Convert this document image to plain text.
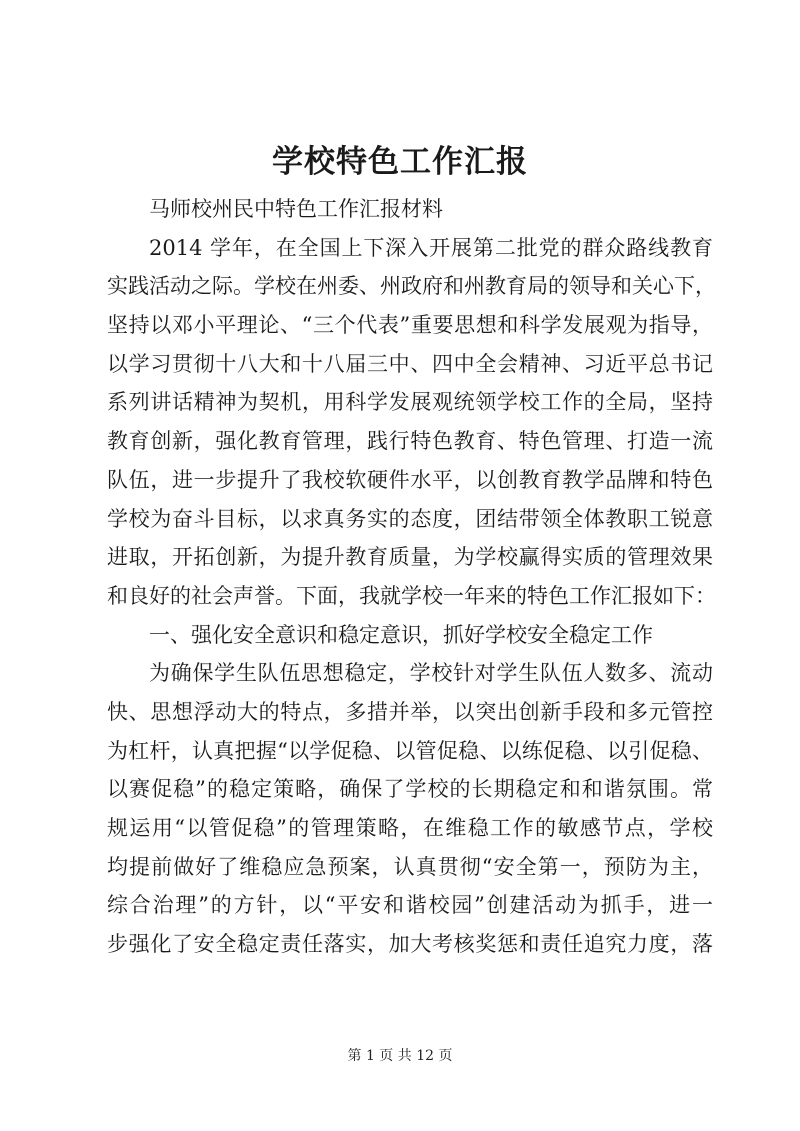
学校特色工作汇报
马师校州民中特色工作汇报材料
2014 学年，在全国上下深入开展第二批党的群众路线教育
实践活动之际。学校在州委、州政府和州教育局的领导和关心下，
坚持以邓小平理论、“三个代表”重要思想和科学发展观为指导，
以学习贯彻十八大和十八届三中、四中全会精神、习近平总书记
系列讲话精神为契机，用科学发展观统领学校工作的全局，坚持
教育创新，强化教育管理，践行特色教育、特色管理、打造一流
队伍，进一步提升了我校软硬件水平，以创教育教学品牌和特色
学校为奋斗目标，以求真务实的态度，团结带领全体教职工锐意
进取，开拓创新，为提升教育质量，为学校赢得实质的管理效果
和良好的社会声誉。下面，我就学校一年来的特色工作汇报如下：
一、强化安全意识和稳定意识，抓好学校安全稳定工作
为确保学生队伍思想稳定，学校针对学生队伍人数多、流动
快、思想浮动大的特点，多措并举，以突出创新手段和多元管控
为杠杆，认真把握“以学促稳、以管促稳、以练促稳、以引促稳、
以赛促稳”的稳定策略，确保了学校的长期稳定和和谐氛围。常
规运用“以管促稳”的管理策略，在维稳工作的敏感节点，学校
均提前做好了维稳应急预案，认真贯彻“安全第一，预防为主，
综合治理”的方针，以“平安和谐校园”创建活动为抓手，进一
步强化了安全稳定责任落实，加大考核奖惩和责任追究力度，落
第 1 页 共 12 页
